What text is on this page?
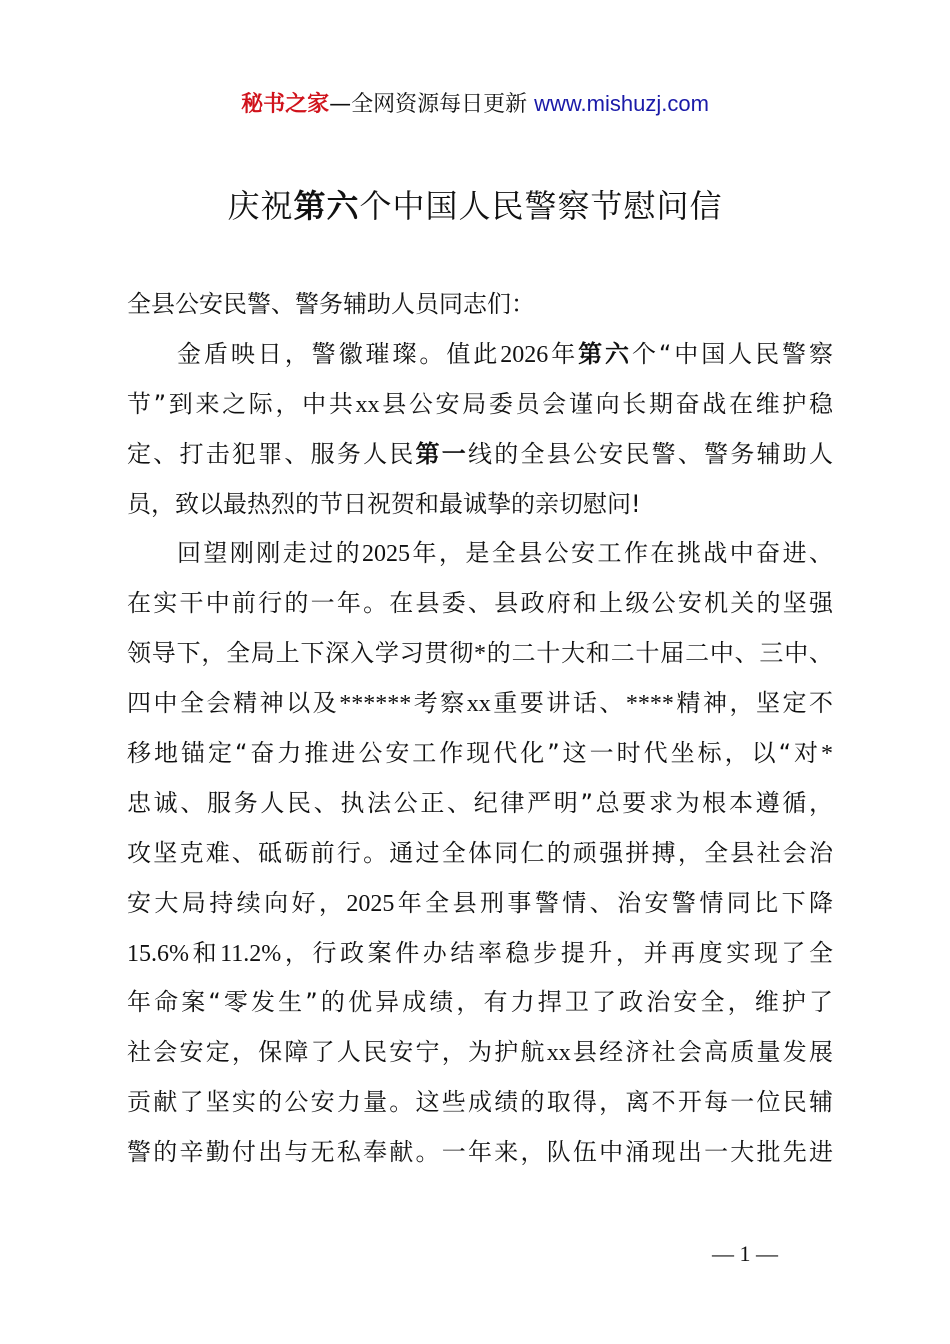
秘书之家—全网资源每日更新 www.mishuzj.com
庆祝第六个中国人民警察节慰问信
全县公安民警、警务辅助人员同志们：
金盾映日，警徽璀璨。值此2026年第六个“中国人民警察
节”到来之际，中共xx县公安局委员会谨向长期奋战在维护稳
定、打击犯罪、服务人民第一线的全县公安民警、警务辅助人
员，致以最热烈的节日祝贺和最诚挚的亲切慰问!
回望刚刚走过的2025年，是全县公安工作在挑战中奋进、
在实干中前行的一年。在县委、县政府和上级公安机关的坚强
领导下，全局上下深入学习贯彻*的二十大和二十届二中、三中、
四中全会精神以及******考察xx重要讲话、****精神，坚定不
移地锚定“奋力推进公安工作现代化”这一时代坐标，以“对*
忠诚、服务人民、执法公正、纪律严明”总要求为根本遵循，
攻坚克难、砥砺前行。通过全体同仁的顽强拼搏，全县社会治
安大局持续向好，2025年全县刑事警情、治安警情同比下降
15.6%和11.2%，行政案件办结率稳步提升，并再度实现了全
年命案“零发生”的优异成绩，有力捍卫了政治安全，维护了
社会安定，保障了人民安宁，为护航xx县经济社会高质量发展
贡献了坚实的公安力量。这些成绩的取得，离不开每一位民辅
警的辛勤付出与无私奉献。一年来，队伍中涌现出一大批先进
— 1 —
